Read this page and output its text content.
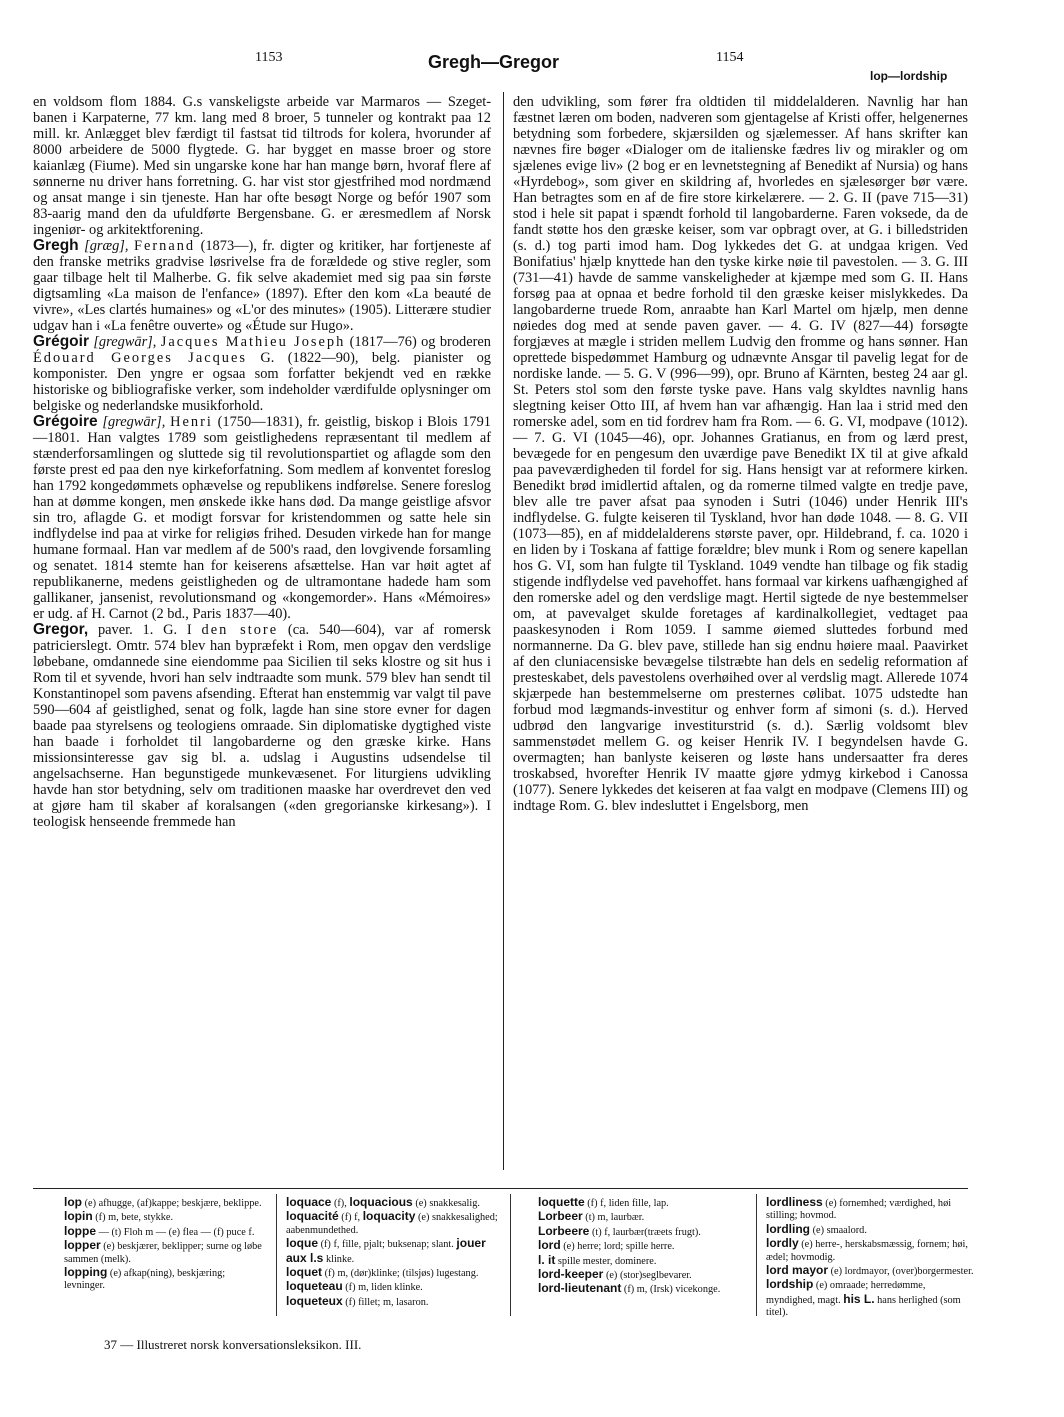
1153	Gregh—Gregor	1154
lop—lordship

en voldsom flom 1884. G.s vanskeligste arbeide var Marmaros — Szeget-banen i Karpaterne, 77 km. lang med 8 broer, 5 tunneler og kontrakt paa 12 mill. kr. Anlægget blev færdigt til fastsat tid tiltrods for kolera, hvorunder af 8000 arbeidere de 5000 flygtede. G. har bygget en masse broer og store kaianlæg (Fiume). Med sin ungarske kone har han mange børn, hvoraf flere af sønnerne nu driver hans forretning. G. har vist stor gjestfrihed mod nordmænd og ansat mange i sin tjeneste. Han har ofte besøgt Norge og befór 1907 som 83-aarig mand den da ufuldførte Bergensbane. G. er æresmedlem af Norsk ingeniør- og arkitektforening.

Gregh [græg], Fernand (1873—), fr. digter og kritiker, har fortjeneste af den franske metriks gradvise løsrivelse fra de forældede og stive regler, som gaar tilbage helt til Malherbe. G. fik selve akademiet med sig paa sin første digtsamling «La maison de l'enfance» (1897). Efter den kom «La beauté de vivre», «Les clartés humaines» og «L'or des minutes» (1905). Litterære studier udgav han i «La fenêtre ouverte» og «Étude sur Hugo».

Grégoir [gregwār], Jacques Mathieu Joseph (1817—76) og broderen Édouard Georges Jacques G. (1822—90), belg. pianister og komponister. Den yngre er ogsaa som forfatter bekjendt ved en række historiske og bibliografiske verker, som indeholder værdifulde oplysninger om belgiske og nederlandske musikforhold.

Grégoire [gregwār], Henri (1750—1831), fr. geistlig, biskop i Blois 1791—1801. Han valgtes 1789 som geistlighedens repræsentant til medlem af stænderforsamlingen og sluttede sig til revolutionspartiet og aflagde som den første prest ed paa den nye kirkeforfatning. Som medlem af konventet foreslog han 1792 kongedømmets ophævelse og republikens indførelse. Senere foreslog han at dømme kongen, men ønskede ikke hans død. Da mange geistlige afsvor sin tro, aflagde G. et modigt forsvar for kristendommen og satte hele sin indflydelse ind paa at virke for religiøs frihed. Desuden virkede han for mange humane formaal. Han var medlem af de 500's raad, den lovgivende forsamling og senatet. 1814 stemte han for keiserens afsættelse. Han var høit agtet af republikanerne, medens geistligheden og de ultramontane hadede ham som gallikaner, jansenist, revolutionsmand og «kongemorder». Hans «Mémoires» er udg. af H. Carnot (2 bd., Paris 1837—40).

Gregor, paver. 1. G. I den store (ca. 540—604), var af romersk patricierslegt. Omtr. 574 blev han bypræfekt i Rom, men opgav den verdslige løbebane, omdannede sine eiendomme paa Sicilien til seks klostre og sit hus i Rom til et syvende, hvori han selv indtraadte som munk. 579 blev han sendt til Konstantinopel som pavens afsending. Efterat han enstemmig var valgt til pave 590—604 af geistlighed, senat og folk, lagde han sine store evner for dagen baade paa styrelsens og teologiens omraade. Sin diplomatiske dygtighed viste han baade i forholdet til langobarderne og den græske kirke. Hans missionsinteresse gav sig bl. a. udslag i Augustins udsendelse til angelsachserne. Han begunstigede munkevæsenet. For liturgiens udvikling havde han stor betydning, selv om traditionen maaske har overdrevet den ved at gjøre ham til skaber af koralsangen («den gregorianske kirkesang»). I teologisk henseende fremmede han

den udvikling, som fører fra oldtiden til middelalderen. Navnlig har han fæstnet læren om boden, nadveren som gjentagelse af Kristi offer, helgenernes betydning som forbedere, skjærsilden og sjælemesser. Af hans skrifter kan nævnes fire bøger «Dialoger om de italienske fædres liv og mirakler og om sjælenes evige liv» (2 bog er en levnetstegning af Benedikt af Nursia) og hans «Hyrdebog», som giver en skildring af, hvorledes en sjælesørger bør være. Han betragtes som en af de fire store kirkelærere. — 2. G. II (pave 715—31) stod i hele sit papat i spændt forhold til langobarderne. Faren voksede, da de fandt støtte hos den græske keiser, som var opbragt over, at G. i billedstriden (s. d.) tog parti imod ham. Dog lykkedes det G. at undgaa krigen. Ved Bonifatius' hjælp knyttede han den tyske kirke nøie til pavestolen. — 3. G. III (731—41) havde de samme vanskeligheder at kjæmpe med som G. II. Hans forsøg paa at opnaa et bedre forhold til den græske keiser mislykkedes. Da langobarderne truede Rom, anraabte han Karl Martel om hjælp, men denne nøiedes dog med at sende paven gaver. — 4. G. IV (827—44) forsøgte forgjæves at mægle i striden mellem Ludvig den fromme og hans sønner. Han oprettede bispedømmet Hamburg og udnævnte Ansgar til pavelig legat for de nordiske lande. — 5. G. V (996—99), opr. Bruno af Kärnten, besteg 24 aar gl. St. Peters stol som den første tyske pave. Hans valg skyldtes navnlig hans slegtning keiser Otto III, af hvem han var afhængig. Han laa i strid med den romerske adel, som en tid fordrev ham fra Rom. — 6. G. VI, modpave (1012). — 7. G. VI (1045—46), opr. Johannes Gratianus, en from og lærd prest, bevægede for en pengesum den uværdige pave Benedikt IX til at give afkald paa paveværdigheden til fordel for sig. Hans hensigt var at reformere kirken. Benedikt brød imidlertid aftalen, og da romerne tilmed valgte en tredje pave, blev alle tre paver afsat paa synoden i Sutri (1046) under Henrik III's indflydelse. G. fulgte keiseren til Tyskland, hvor han døde 1048. — 8. G. VII (1073—85), en af middelalderens største paver, opr. Hildebrand, f. ca. 1020 i en liden by i Toskana af fattige forældre; blev munk i Rom og senere kapellan hos G. VI, som han fulgte til Tyskland. 1049 vendte han tilbage og fik stadig stigende indflydelse ved pavehoffet. hans formaal var kirkens uafhængighed af den romerske adel og den verdslige magt. Hertil sigtede de nye bestemmelser om, at pavevalget skulde foretages af kardinalkollegiet, vedtaget paa paaskesynoden i Rom 1059. I samme øiemed sluttedes forbund med normannerne. Da G. blev pave, stillede han sig endnu høiere maal. Paavirket af den cluniacensiske bevægelse tilstræbte han dels en sedelig reformation af presteskabet, dels pavestolens overhøihed over al verdslig magt. Allerede 1074 skjærpede han bestemmelserne om presternes cølibat. 1075 udstedte han forbud mod lægmands-investitur og enhver form af simoni (s. d.). Herved udbrød den langvarige investiturstrid (s. d.). Særlig voldsomt blev sammenstødet mellem G. og keiser Henrik IV. I begyndelsen havde G. overmagten; han banlyste keiseren og løste hans undersaatter fra deres troskabsed, hvorefter Henrik IV maatte gjøre ydmyg kirkebod i Canossa (1077). Senere lykkedes det keiseren at faa valgt en modpave (Clemens III) og indtage Rom. G. blev indesluttet i Engelsborg, men

lop (e) afhugge, (af)kappe; beskjære, beklippe.

lopin (f) m, bete, stykke.

loppe — (t) Floh m — (e) flea — (f) puce f.

lopper (e) beskjærer, beklipper; surne og løbe sammen (melk).

lopping (e) afkap(ning), beskjæring; levninger.

loquace (f), loquacious (e) snakkesalig.

loquacité (f) f, loquacity (e) snakkesalighed; aabenmundethed.

loque (f) f, fille, pjalt; buksenap; slant. jouer aux l.s klinke.

loquet (f) m, (dør)klinke; (tilsjøs) lugestang.

loqueteau (f) m, liden klinke.

loqueteux (f) fillet; m, lasaron.

loquette (f) f, liden fille, lap.

Lorbeer (t) m, laurbær.

Lorbeere (t) f, laurbær(træets frugt).

lord (e) herre; lord; spille herre.

l. it spille mester, dominere.

lord-keeper (e) (stor)seglbevarer.

lord-lieutenant (f) m, (Irsk) vicekonge.

lordliness (e) fornemhed; værdighed, høi stilling; hovmod.

lordling (e) smaalord.

lordly (e) herre-, herskabsmæssig, fornem; høi, ædel; hovmodig.

lord mayor (e) lordmayor, (over)borgermester.

lordship (e) omraade; herredømme, myndighed, magt. his L. hans herlighed (som titel).

37 — Illustreret norsk konversationsleksikon. III.
